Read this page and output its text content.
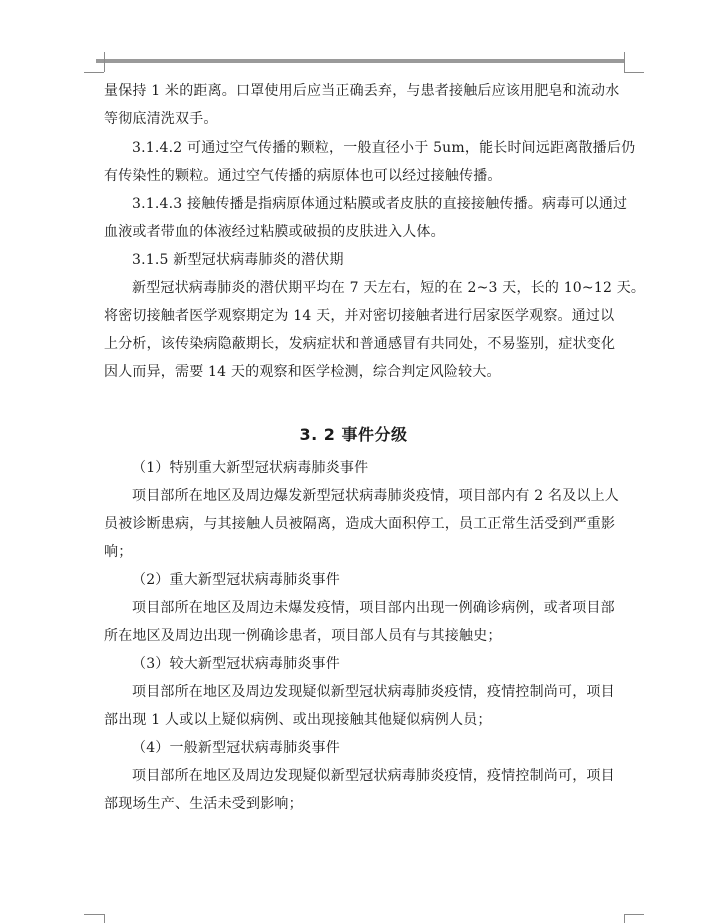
量保持 1 米的距离。口罩使用后应当正确丢弃，与患者接触后应该用肥皂和流动水
等彻底清洗双手。
3.1.4.2 可通过空气传播的颗粒，一般直径小于 5um，能长时间远距离散播后仍
有传染性的颗粒。通过空气传播的病原体也可以经过接触传播。
3.1.4.3 接触传播是指病原体通过粘膜或者皮肤的直接接触传播。病毒可以通过
血液或者带血的体液经过粘膜或破损的皮肤进入人体。
3.1.5 新型冠状病毒肺炎的潜伏期
新型冠状病毒肺炎的潜伏期平均在 7 天左右，短的在 2~3 天，长的 10~12 天。
将密切接触者医学观察期定为 14 天，并对密切接触者进行居家医学观察。通过以
上分析，该传染病隐蔽期长，发病症状和普通感冒有共同处，不易鉴别，症状变化
因人而异，需要 14 天的观察和医学检测，综合判定风险较大。
3. 2 事件分级
（1）特别重大新型冠状病毒肺炎事件
项目部所在地区及周边爆发新型冠状病毒肺炎疫情，项目部内有 2 名及以上人
员被诊断患病，与其接触人员被隔离，造成大面积停工，员工正常生活受到严重影
响；
（2）重大新型冠状病毒肺炎事件
项目部所在地区及周边未爆发疫情，项目部内出现一例确诊病例，或者项目部
所在地区及周边出现一例确诊患者，项目部人员有与其接触史；
（3）较大新型冠状病毒肺炎事件
项目部所在地区及周边发现疑似新型冠状病毒肺炎疫情，疫情控制尚可，项目
部出现 1 人或以上疑似病例、或出现接触其他疑似病例人员；
（4）一般新型冠状病毒肺炎事件
项目部所在地区及周边发现疑似新型冠状病毒肺炎疫情，疫情控制尚可，项目
部现场生产、生活未受到影响；
